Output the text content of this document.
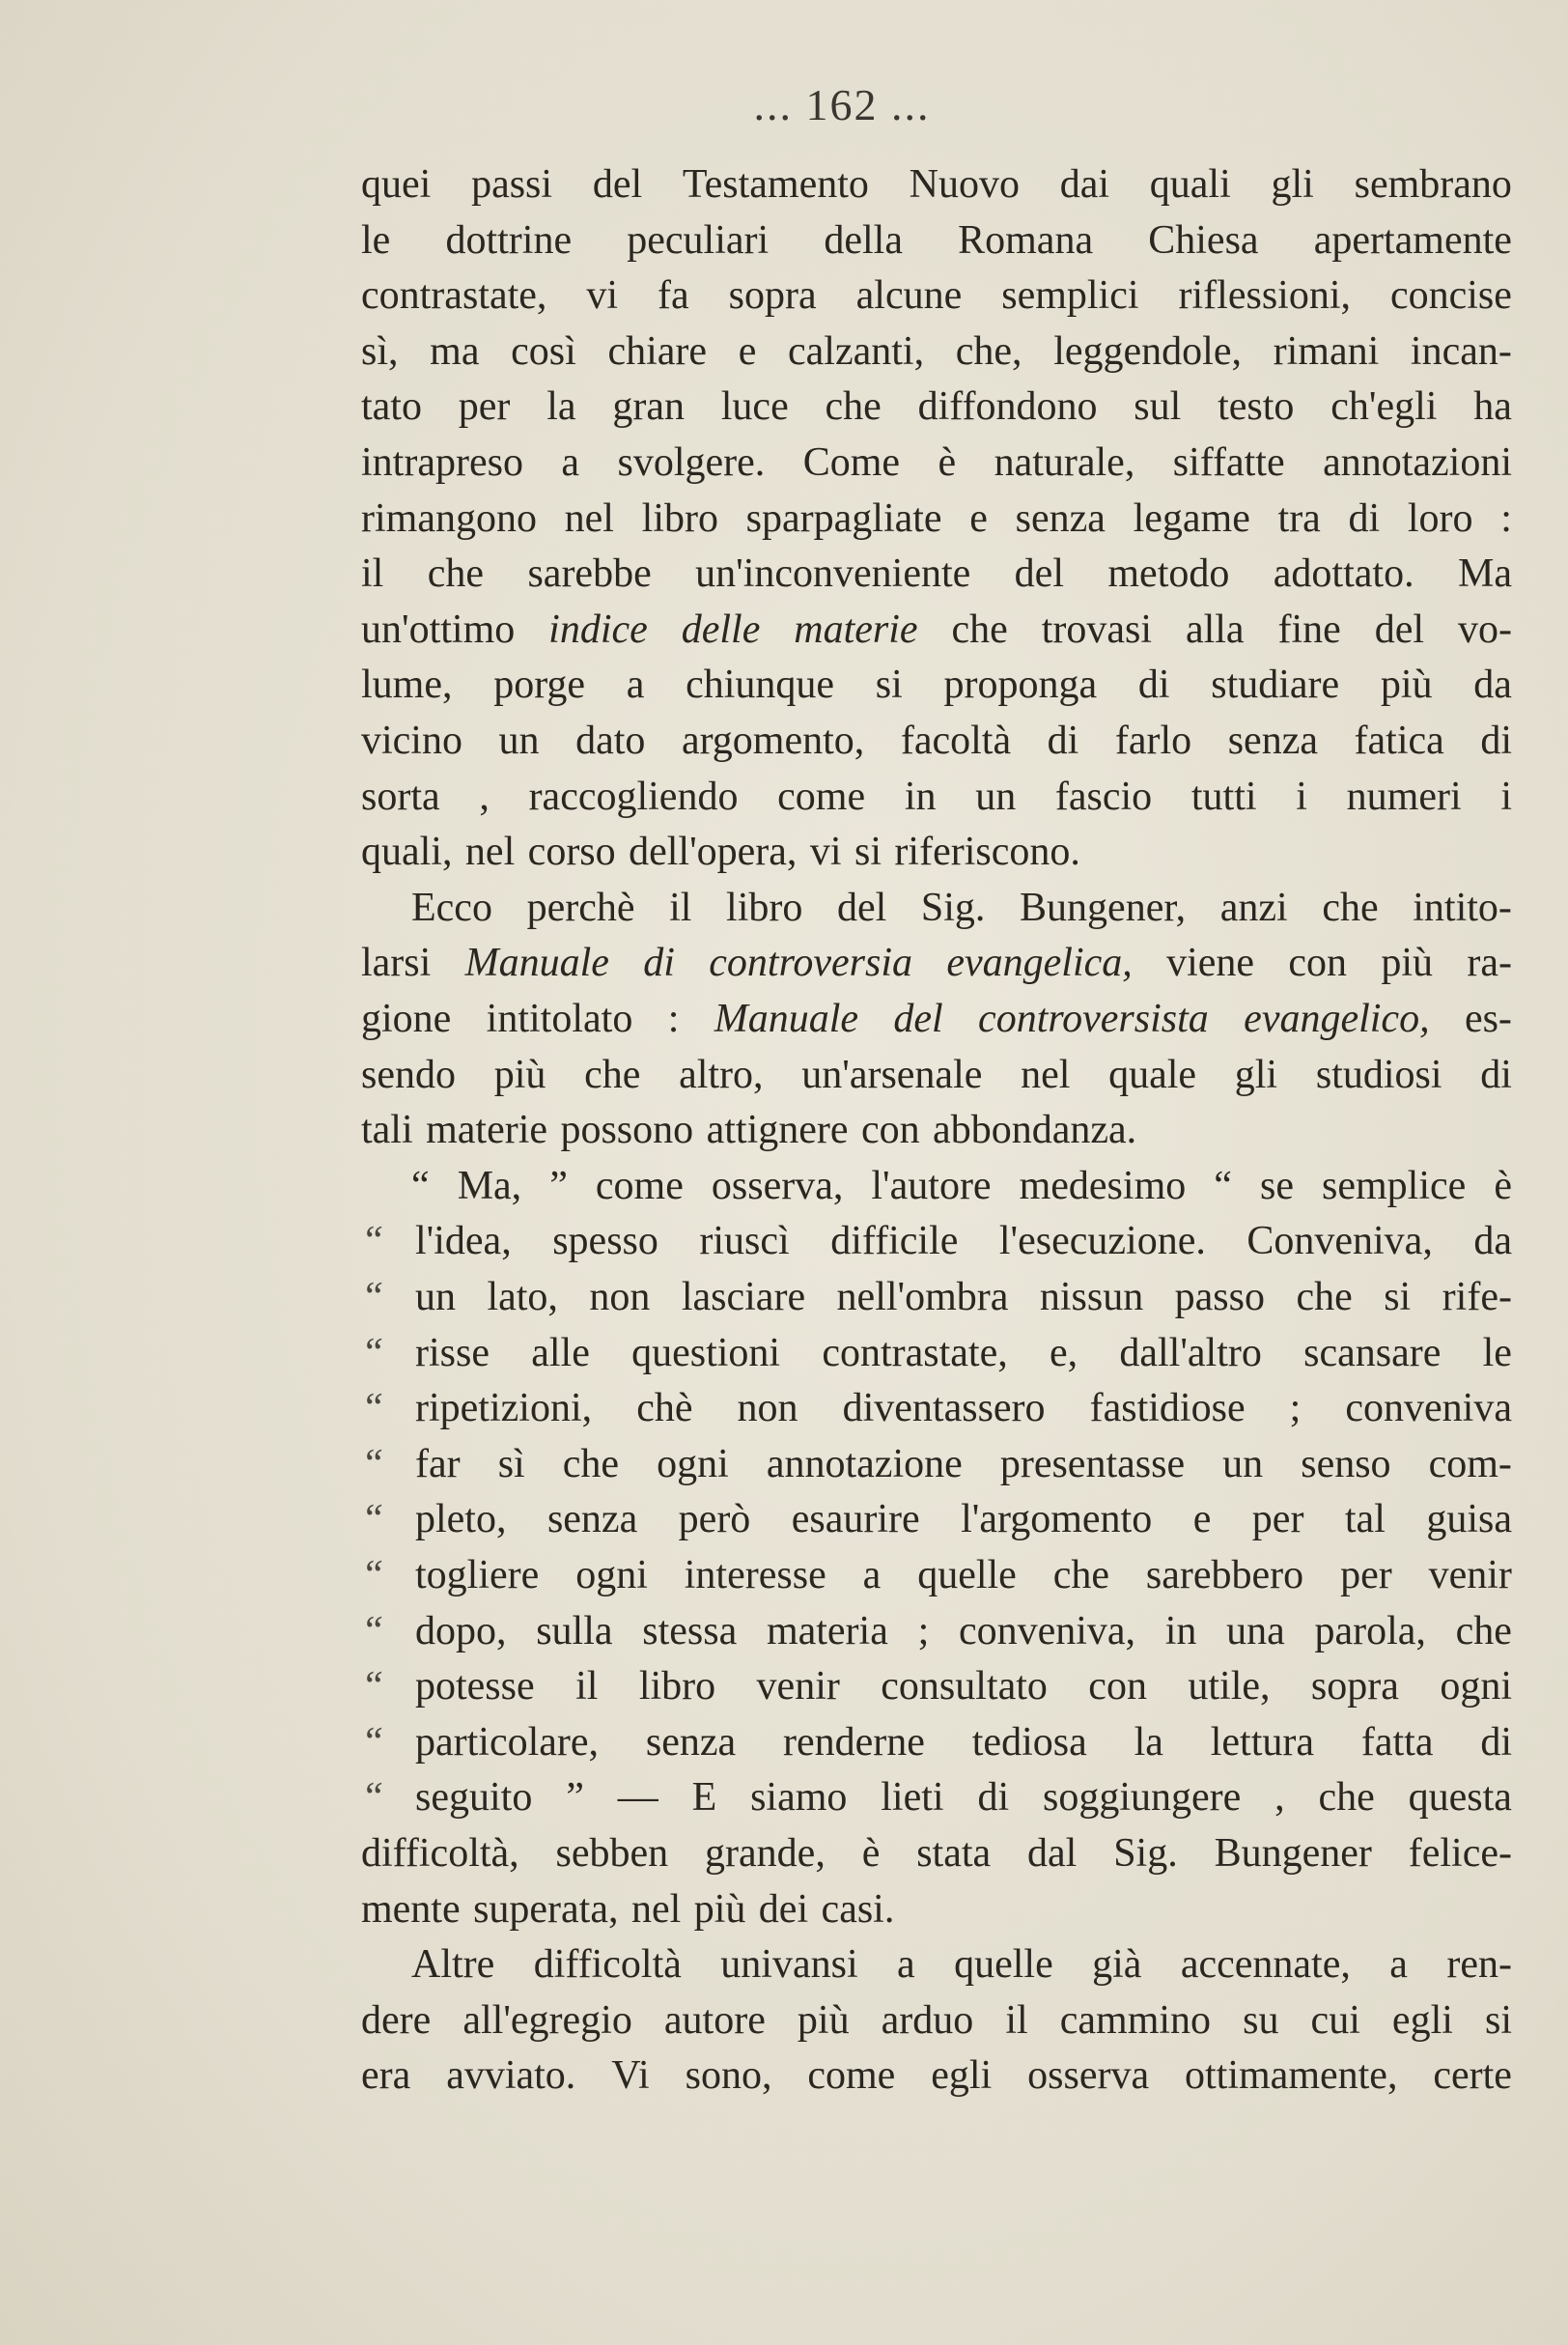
... 162 ...
quei passi del Testamento Nuovo dai quali gli sembrano
le dottrine peculiari della Romana Chiesa apertamente
contrastate, vi fa sopra alcune semplici riflessioni, concise
sì, ma così chiare e calzanti, che, leggendole, rimani incan-
tato per la gran luce che diffondono sul testo ch'egli ha
intrapreso a svolgere. Come è naturale, siffatte annotazioni
rimangono nel libro sparpagliate e senza legame tra di loro :
il che sarebbe un'inconveniente del metodo adottato. Ma
un'ottimo indice delle materie che trovasi alla fine del vo-
lume, porge a chiunque si proponga di studiare più da
vicino un dato argomento, facoltà di farlo senza fatica di
sorta , raccogliendo come in un fascio tutti i numeri i
quali, nel corso dell'opera, vi si riferiscono.
Ecco perchè il libro del Sig. Bungener, anzi che intito-
larsi Manuale di controversia evangelica, viene con più ra-
gione intitolato : Manuale del controversista evangelico, es-
sendo più che altro, un'arsenale nel quale gli studiosi di
tali materie possono attignere con abbondanza.
“ Ma, ” come osserva, l'autore medesimo “ se semplice è
“ l'idea, spesso riuscì difficile l'esecuzione. Conveniva, da
“ un lato, non lasciare nell'ombra nissun passo che si rife-
“ risse alle questioni contrastate, e, dall'altro scansare le
“ ripetizioni, chè non diventassero fastidiose ; conveniva
“ far sì che ogni annotazione presentasse un senso com-
“ pleto, senza però esaurire l'argomento e per tal guisa
“ togliere ogni interesse a quelle che sarebbero per venir
“ dopo, sulla stessa materia ; conveniva, in una parola, che
“ potesse il libro venir consultato con utile, sopra ogni
“ particolare, senza renderne tediosa la lettura fatta di
“ seguito ” — E siamo lieti di soggiungere , che questa
difficoltà, sebben grande, è stata dal Sig. Bungener felice-
mente superata, nel più dei casi.
Altre difficoltà univansi a quelle già accennate, a ren-
dere all'egregio autore più arduo il cammino su cui egli si
era avviato. Vi sono, come egli osserva ottimamente, certe
